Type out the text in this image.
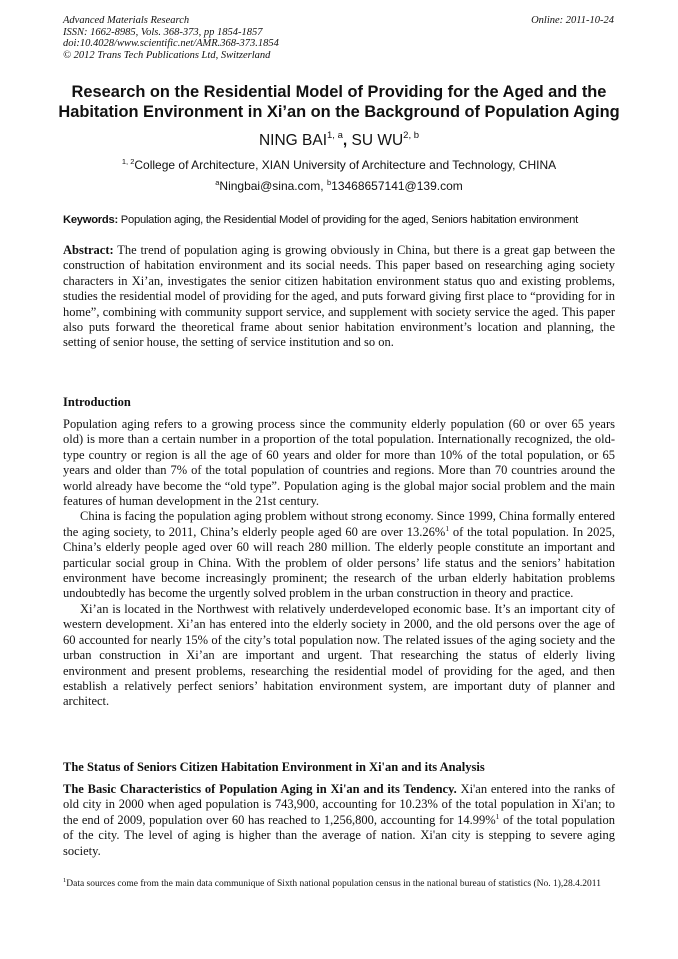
Advanced Materials Research
ISSN: 1662-8985, Vols. 368-373, pp 1854-1857
doi:10.4028/www.scientific.net/AMR.368-373.1854
© 2012 Trans Tech Publications Ltd, Switzerland
Online: 2011-10-24
Research on the Residential Model of Providing for the Aged and the
Habitation Environment in Xi’an on the Background of Population Aging
NING BAI$^{1, a}$, SU WU$^{2, b}$
$^{1, 2}$College of Architecture, XIAN University of Architecture and Technology, CHINA
$^a$Ningbai@sina.com, $^b$13468657141@139.com
Keywords: Population aging, the Residential Model of providing for the aged, Seniors habitation environment
Abstract: The trend of population aging is growing obviously in China, but there is a great gap between the construction of habitation environment and its social needs. This paper based on researching aging society characters in Xi’an, investigates the senior citizen habitation environment status quo and existing problems, studies the residential model of providing for the aged, and puts forward giving first place to “providing for in home”, combining with community support service, and supplement with society service the aged. This paper also puts forward the theoretical frame about senior habitation environment’s location and planning, the setting of senior house, the setting of service institution and so on.
Introduction

Population aging refers to a growing process since the community elderly population (60 or over 65 years old) is more than a certain number in a proportion of the total population. Internationally recognized, the old-type country or region is all the age of 60 years and older for more than 10% of the total population, or 65 years and older than 7% of the total population of countries and regions. More than 70 countries around the world already have become the “old type”. Population aging is the global major social problem and the main features of human development in the 21st century.

China is facing the population aging problem without strong economy. Since 1999, China formally entered the aging society, to 2011, China’s elderly people aged 60 are over 13.26%$^1$ of the total population. In 2025, China’s elderly people aged over 60 will reach 280 million. The elderly people constitute an important and particular social group in China. With the problem of older persons’ life status and the seniors’ habitation environment have become increasingly prominent; the research of the urban elderly habitation problems undoubtedly has become the urgently solved problem in the urban construction in theory and practice.

Xi’an is located in the Northwest with relatively underdeveloped economic base. It’s an important city of western development. Xi’an has entered into the elderly society in 2000, and the old persons over the age of 60 accounted for nearly 15% of the city’s total population now. The related issues of the aging society and the urban construction in Xi’an are important and urgent. That researching the status of elderly living environment and present problems, researching the residential model of providing for the aged, and then establish a relatively perfect seniors’ habitation environment system, are important duty of planner and architect.

The Status of Seniors Citizen Habitation Environment in Xi'an and its Analysis
The Basic Characteristics of Population Aging in Xi'an and its Tendency. Xi'an entered into the ranks of old city in 2000 when aged population is 743,900, accounting for 10.23% of the total population in Xi'an; to the end of 2009, population over 60 has reached to 1,256,800, accounting for 14.99%$^1$ of the total population of the city. The level of aging is higher than the average of nation. Xi'an city is stepping to severe aging society.
$^1$Data sources come from the main data communique of Sixth national population census in the national bureau of statistics (No. 1),28.4.2011
